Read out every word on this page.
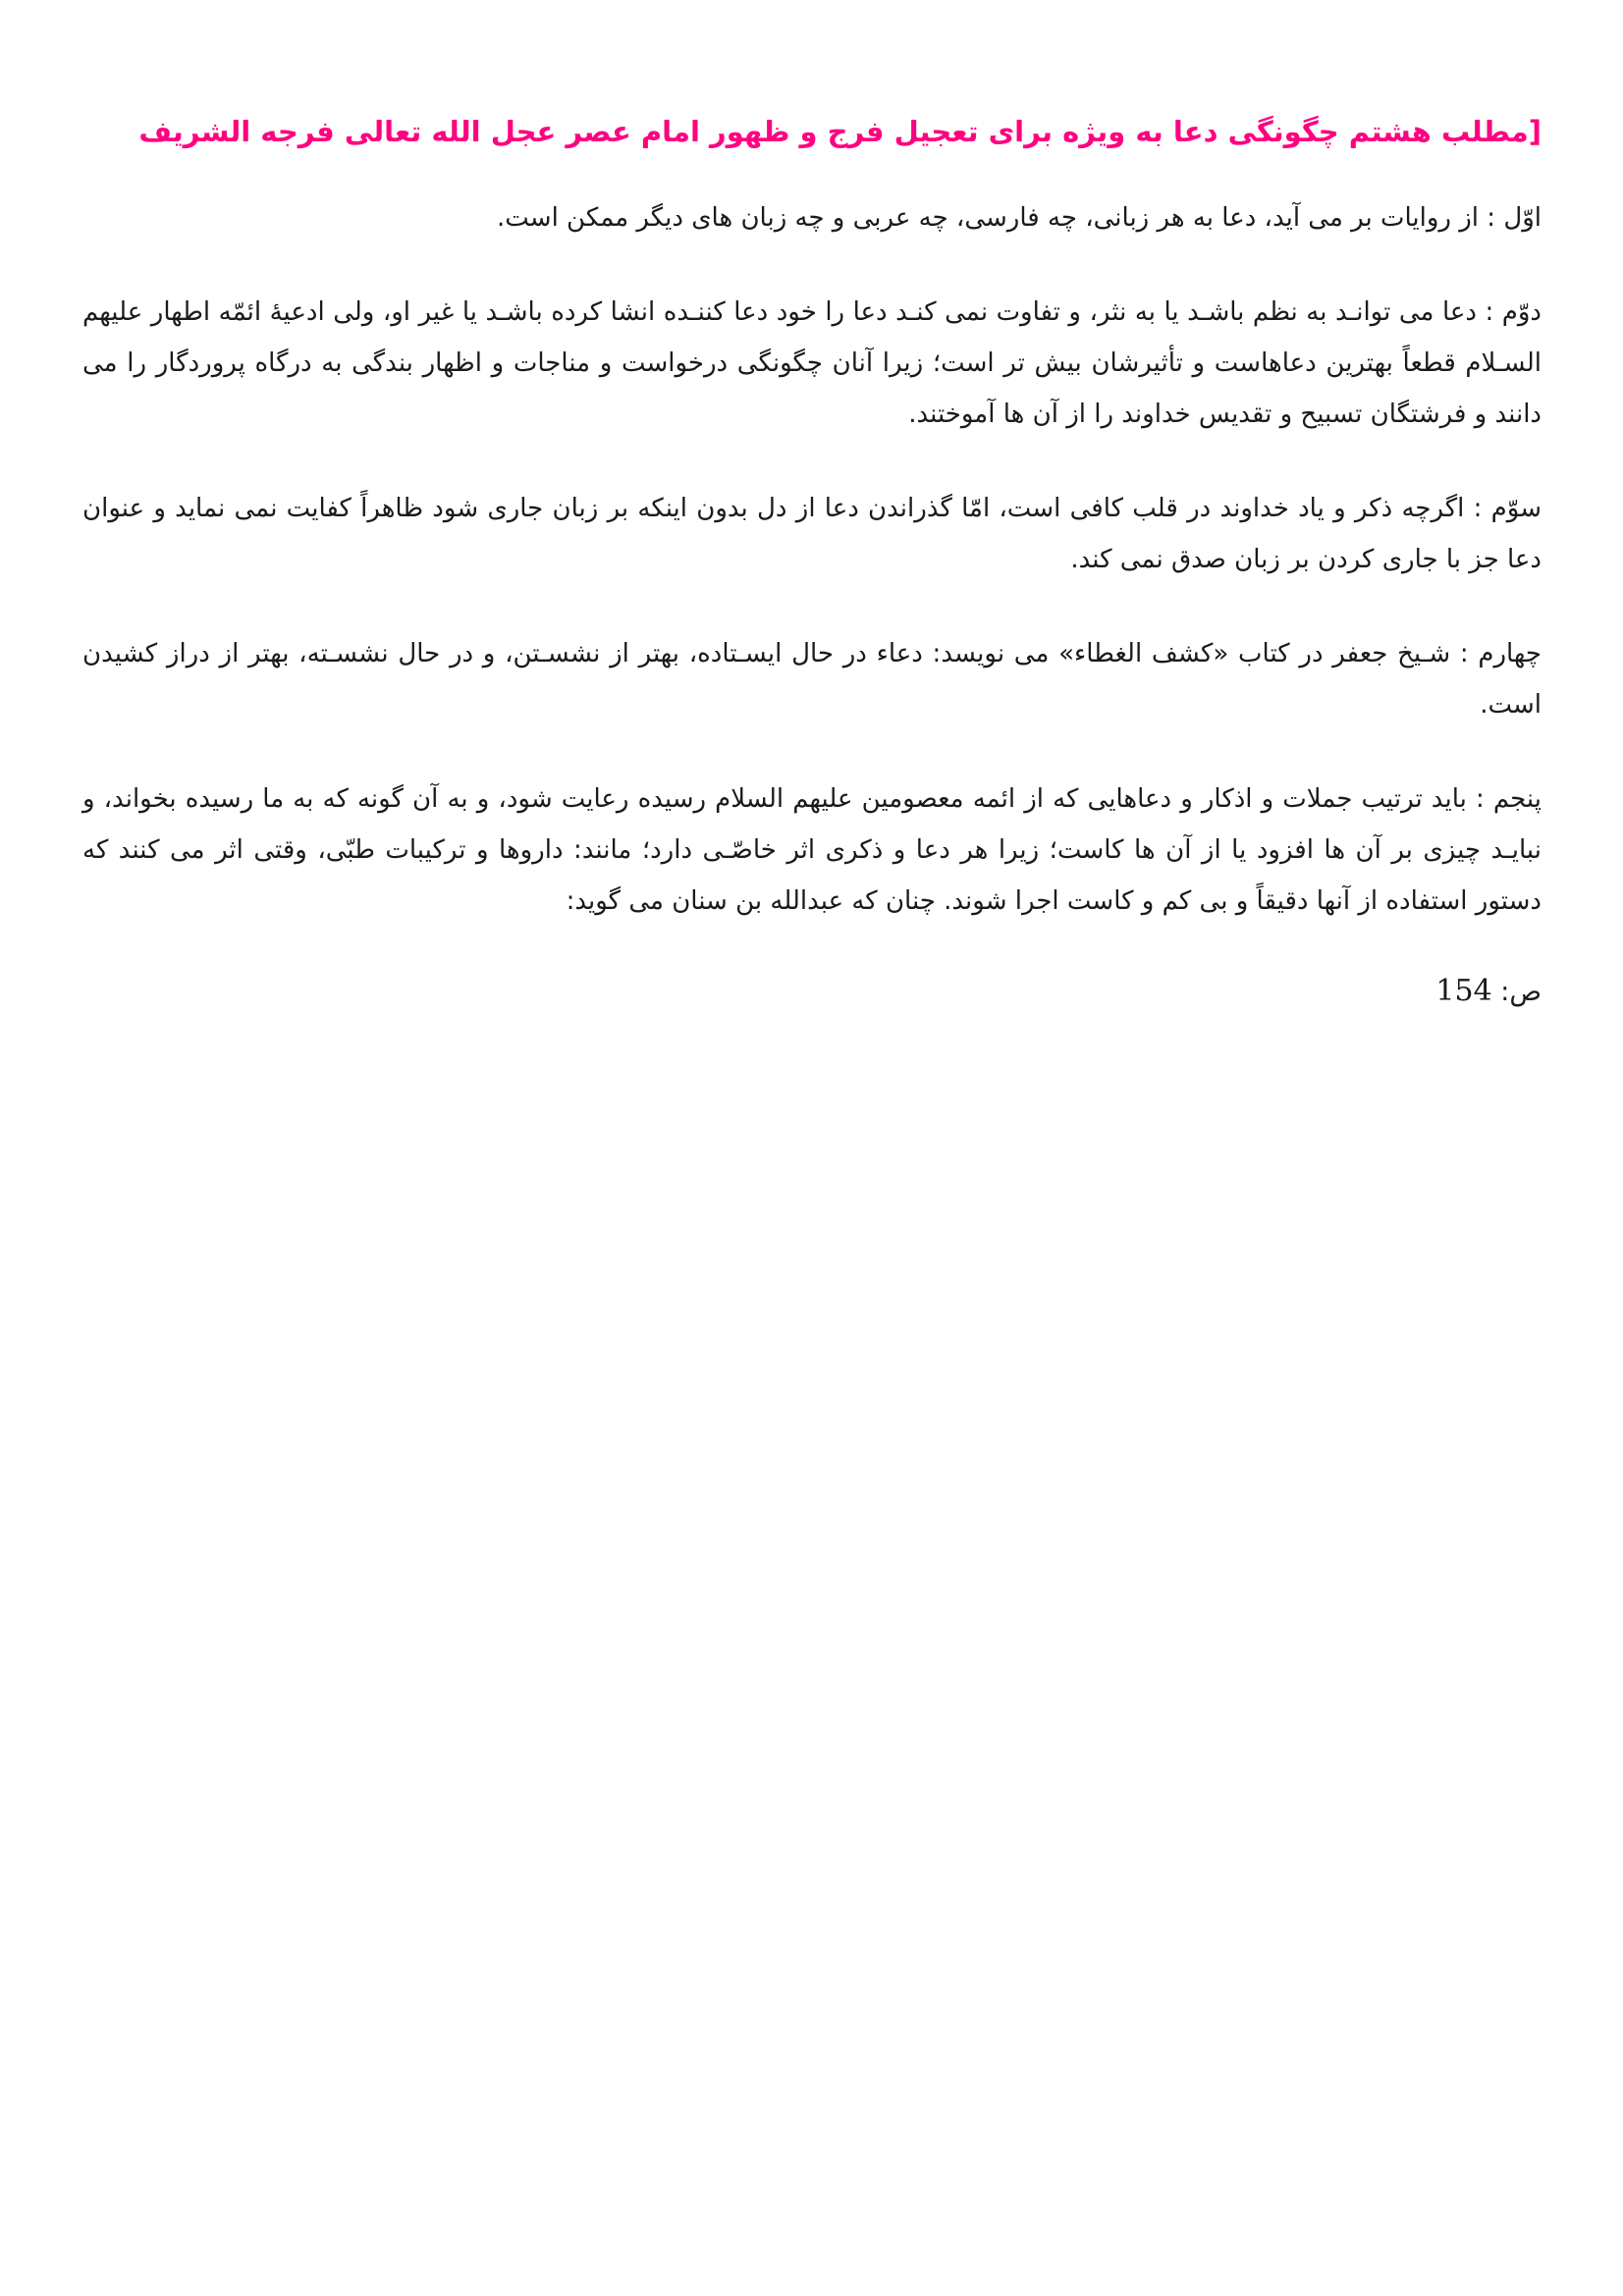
[مطلب هشتم چگونگی دعا به ویژه برای تعجیل فرج و ظهور امام عصر عجل الله تعالی فرجه الشریف

اوّل : از روایات بر می آید، دعا به هر زبانی، چه فارسی، چه عربی و چه زبان های دیگر ممکن است.

دوّم : دعا می توانـد به نظم باشـد یا به نثر، و تفاوت نمی کنـد دعا را خود دعا کننـده انشا کرده باشـد یا غیر او، ولی ادعیهٔ ائمّه اطهار علیهم السـلام قطعاً بهترین دعاهاست و تأثیرشان بیش تر است؛ زیرا آنان چگونگی درخواست و مناجات و اظهار بندگی به درگاه پروردگار را می دانند و فرشتگان تسبیح و تقدیس خداوند را از آن ها آموختند.

سوّم : اگرچه ذکر و یاد خداوند در قلب کافی است، امّا گذراندن دعا از دل بدون اینکه بر زبان جاری شود ظاهراً کفایت نمی نماید و عنوان دعا جز با جاری کردن بر زبان صدق نمی کند.

چهارم : شـیخ جعفر در کتاب «کشف الغطاء» می نویسد: دعاء در حال ایسـتاده، بهتر از نشسـتن، و در حال نشسـته، بهتر از دراز کشیدن است.

پنجم : باید ترتیب جملات و اذکار و دعاهایی که از ائمه معصومین علیهم السلام رسیده رعایت شود، و به آن گونه که به ما رسیده بخواند، و نبایـد چیزی بر آن ها افزود یا از آن ها کاست؛ زیرا هر دعا و ذکری اثر خاصّـی دارد؛ مانند: داروها و ترکیبات طبّی، وقتی اثر می کنند که دستور استفاده از آنها دقیقاً و بی کم و کاست اجرا شوند. چنان که عبدالله بن سنان می گوید:

ص: 154
